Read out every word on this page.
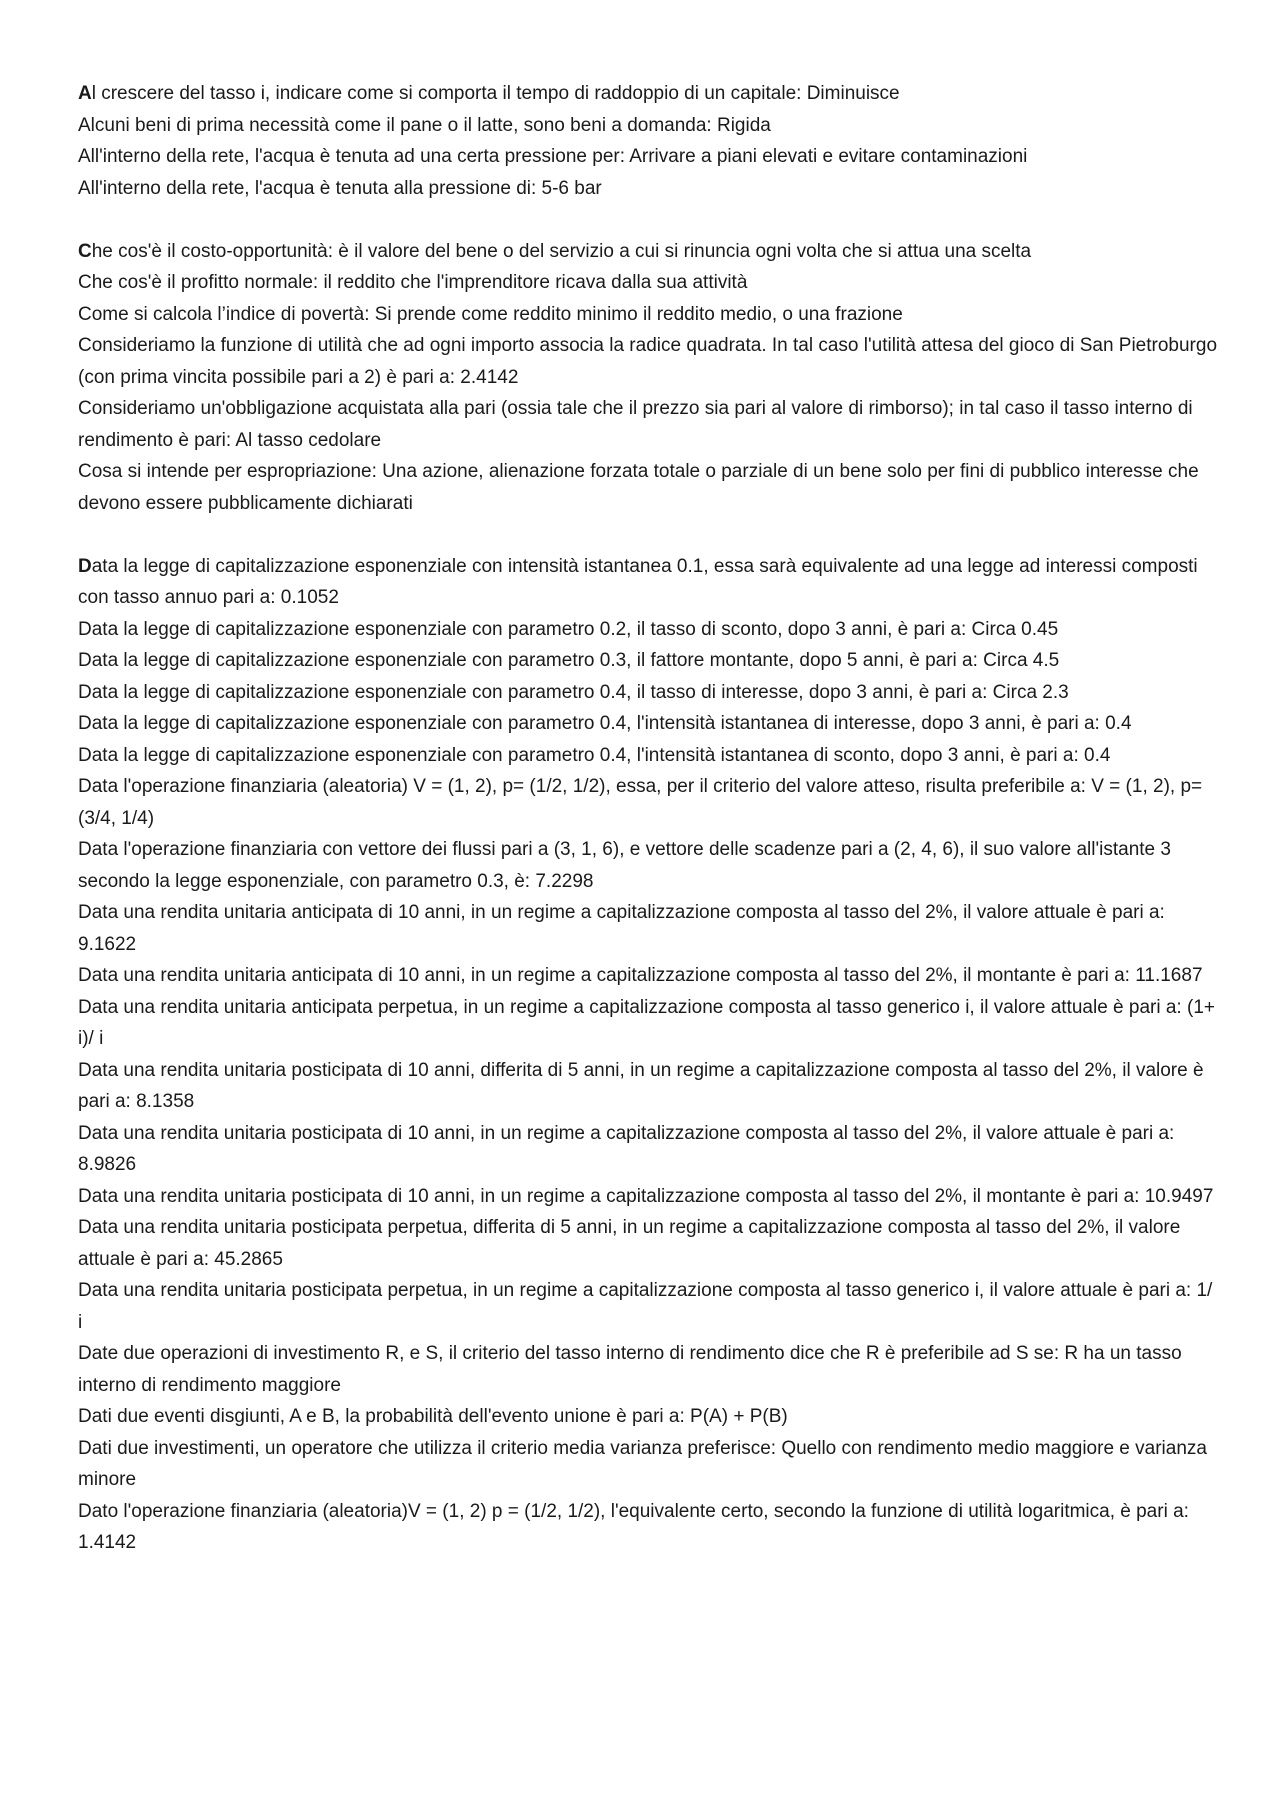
Al crescere del tasso i, indicare come si comporta il tempo di raddoppio di un capitale: Diminuisce

Alcuni beni di prima necessità come il pane o il latte, sono beni a domanda: Rigida

All'interno della rete, l'acqua è tenuta ad una certa pressione per: Arrivare a piani elevati e evitare contaminazioni

All'interno della rete, l'acqua è tenuta alla pressione di: 5-6 bar

Che cos'è il costo-opportunità: è il valore del bene o del servizio a cui si rinuncia ogni volta che si attua una scelta

Che cos'è il profitto normale: il reddito che l'imprenditore ricava dalla sua attività

Come si calcola l’indice di povertà: Si prende come reddito minimo il reddito medio, o una frazione

Consideriamo la funzione di utilità che ad ogni importo associa la radice quadrata. In tal caso l'utilità attesa del gioco di San Pietroburgo (con prima vincita possibile pari a 2) è pari a: 2.4142

Consideriamo un'obbligazione acquistata alla pari (ossia tale che il prezzo sia pari al valore di rimborso); in tal caso il tasso interno di rendimento è pari: Al tasso cedolare

Cosa si intende per espropriazione: Una azione, alienazione forzata totale o parziale di un bene solo per fini di pubblico interesse che devono essere pubblicamente dichiarati

Data la legge di capitalizzazione esponenziale con intensità istantanea 0.1, essa sarà equivalente ad una legge ad interessi composti con tasso annuo pari a: 0.1052

Data la legge di capitalizzazione esponenziale con parametro 0.2, il tasso di sconto, dopo 3 anni, è pari a: Circa 0.45

Data la legge di capitalizzazione esponenziale con parametro 0.3, il fattore montante, dopo 5 anni, è pari a: Circa 4.5

Data la legge di capitalizzazione esponenziale con parametro 0.4, il tasso di interesse, dopo 3 anni, è pari a: Circa 2.3

Data la legge di capitalizzazione esponenziale con parametro 0.4, l'intensità istantanea di interesse, dopo 3 anni, è pari a: 0.4

Data la legge di capitalizzazione esponenziale con parametro 0.4, l'intensità istantanea di sconto, dopo 3 anni, è pari a: 0.4

Data l'operazione finanziaria (aleatoria) V = (1, 2), p= (1/2, 1/2), essa, per il criterio del valore atteso, risulta preferibile a: V = (1, 2), p= (3/4, 1/4)

Data l'operazione finanziaria con vettore dei flussi pari a (3, 1, 6), e vettore delle scadenze pari a (2, 4, 6), il suo valore all'istante 3 secondo la legge esponenziale, con parametro 0.3, è: 7.2298

Data una rendita unitaria anticipata di 10 anni, in un regime a capitalizzazione composta al tasso del 2%, il valore attuale è pari a: 9.1622

Data una rendita unitaria anticipata di 10 anni, in un regime a capitalizzazione composta al tasso del 2%, il montante è pari a: 11.1687

Data una rendita unitaria anticipata perpetua, in un regime a capitalizzazione composta al tasso generico i, il valore attuale è pari a: (1+ i)/ i

Data una rendita unitaria posticipata di 10 anni, differita di 5 anni, in un regime a capitalizzazione composta al tasso del 2%, il valore è pari a: 8.1358

Data una rendita unitaria posticipata di 10 anni, in un regime a capitalizzazione composta al tasso del 2%, il valore attuale è pari a: 8.9826

Data una rendita unitaria posticipata di 10 anni, in un regime a capitalizzazione composta al tasso del 2%, il montante è pari a: 10.9497

Data una rendita unitaria posticipata perpetua, differita di 5 anni, in un regime a capitalizzazione composta al tasso del 2%, il valore attuale è pari a: 45.2865

Data una rendita unitaria posticipata perpetua, in un regime a capitalizzazione composta al tasso generico i, il valore attuale è pari a: 1/ i

Date due operazioni di investimento R, e S, il criterio del tasso interno di rendimento dice che R è preferibile ad S se: R ha un tasso interno di rendimento maggiore

Dati due eventi disgiunti, A e B, la probabilità dell'evento unione è pari a: P(A) + P(B)

Dati due investimenti, un operatore che utilizza il criterio media varianza preferisce: Quello con rendimento medio maggiore e varianza minore

Dato l'operazione finanziaria (aleatoria)V = (1, 2) p = (1/2, 1/2), l'equivalente certo, secondo la funzione di utilità logaritmica, è pari a: 1.4142
